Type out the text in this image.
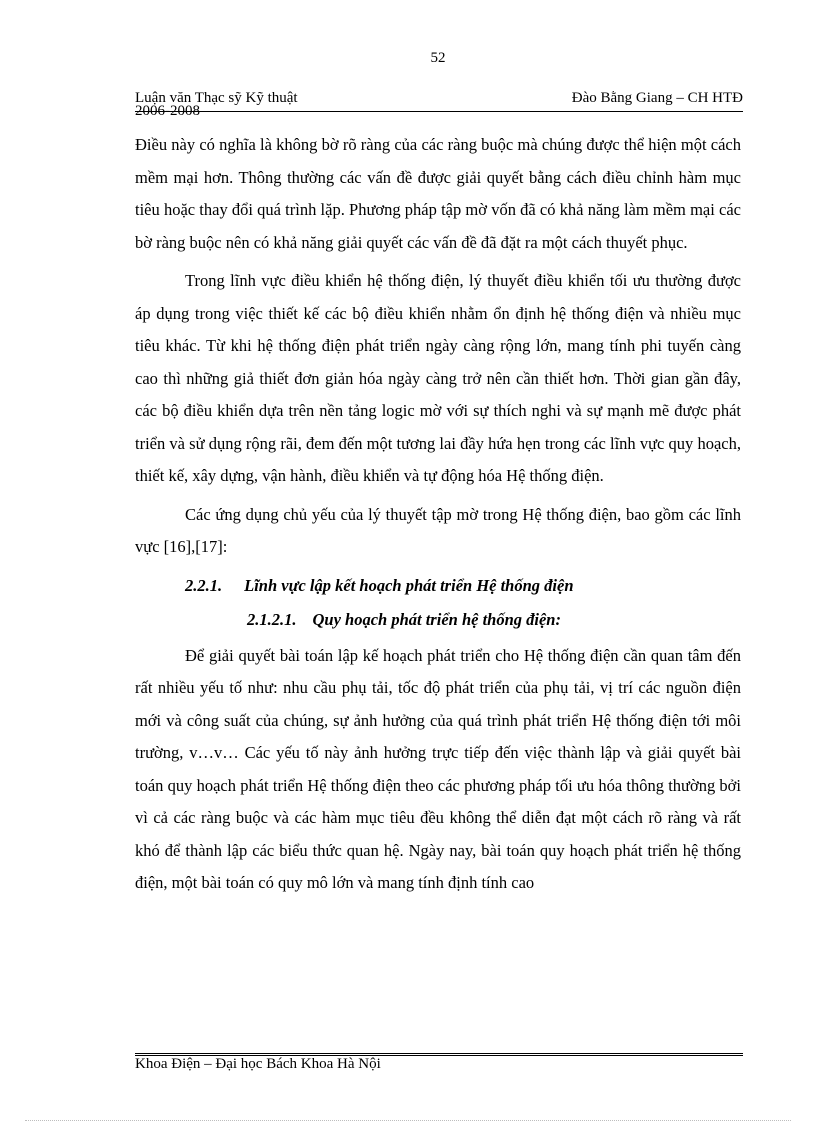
52
Luận văn Thạc sỹ Kỹ thuật	Đào Bằng Giang – CH HTĐ
2006-2008

Điều này có nghĩa là không bờ rõ ràng của các ràng buộc mà chúng được thể hiện một cách mềm mại hơn. Thông thường các vấn đề được giải quyết bằng cách điều chỉnh hàm mục tiêu hoặc thay đổi quá trình lặp. Phương pháp tập mờ vốn đã có khả năng làm mềm mại các bờ ràng buộc nên có khả năng giải quyết các vấn đề đã đặt ra một cách thuyết phục.

Trong lĩnh vực điều khiển hệ thống điện, lý thuyết điều khiển tối ưu thường được áp dụng trong việc thiết kế các bộ điều khiển nhằm ổn định hệ thống điện và nhiều mục tiêu khác. Từ khi hệ thống điện phát triển ngày càng rộng lớn, mang tính phi tuyến càng cao thì những giả thiết đơn giản hóa ngày càng trở nên cần thiết hơn. Thời gian gần đây, các bộ điều khiển dựa trên nền tảng logic mờ với sự thích nghi và sự mạnh mẽ được phát triển và sử dụng rộng rãi, đem đến một tương lai đầy hứa hẹn trong các lĩnh vực quy hoạch, thiết kế, xây dựng, vận hành, điều khiển và tự động hóa Hệ thống điện.

Các ứng dụng chủ yếu của lý thuyết tập mờ trong Hệ thống điện, bao gồm các lĩnh vực [16],[17]:

2.2.1. Lĩnh vực lập kết hoạch phát triển Hệ thống điện
2.1.2.1. Quy hoạch phát triển hệ thống điện:

Để giải quyết bài toán lập kế hoạch phát triển cho Hệ thống điện cần quan tâm đến rất nhiều yếu tố như: nhu cầu phụ tải, tốc độ phát triển của phụ tải, vị trí các nguồn điện mới và công suất của chúng, sự ảnh hưởng của quá trình phát triển Hệ thống điện tới môi trường, v…v… Các yếu tố này ảnh hưởng trực tiếp đến việc thành lập và giải quyết bài toán quy hoạch phát triển Hệ thống điện theo các phương pháp tối ưu hóa thông thường bởi vì cả các ràng buộc và các hàm mục tiêu đều không thể diễn đạt một cách rõ ràng và rất khó để thành lập các biểu thức quan hệ. Ngày nay, bài toán quy hoạch phát triển hệ thống điện, một bài toán có quy mô lớn và mang tính định tính cao

Khoa Điện – Đại học Bách Khoa Hà Nội
